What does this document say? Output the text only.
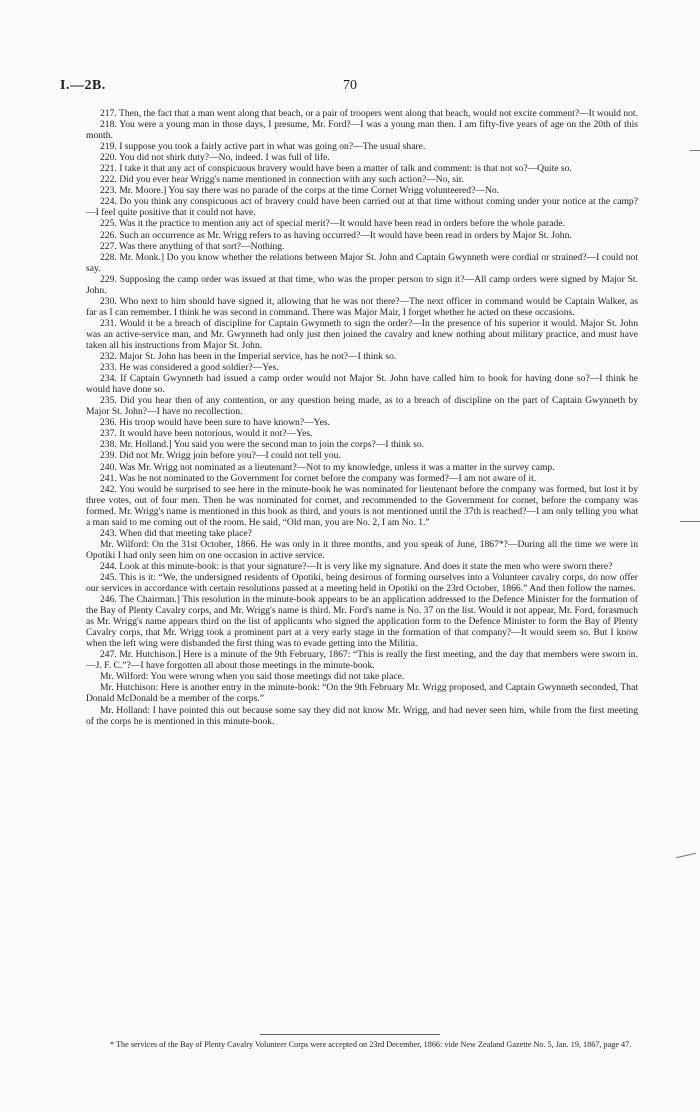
I.—2B.	70

217. Then, the fact that a man went along that beach, or a pair of troopers went along that beach, would not excite comment?—It would not.

218. You were a young man in those days, I presume, Mr. Ford?—I was a young man then. I am fifty-five years of age on the 20th of this month.

219. I suppose you took a fairly active part in what was going on?—The usual share.

220. You did not shirk duty?—No, indeed. I was full of life.

221. I take it that any act of conspicuous bravery would have been a matter of talk and comment: is that not so?—Quite so.

222. Did you ever hear Wrigg's name mentioned in connection with any such action?—No, sir.

223. Mr. Moore.] You say there was no parade of the corps at the time Cornet Wrigg volunteered?—No.

224. Do you think any conspicuous act of bravery could have been carried out at that time without coming under your notice at the camp?—I feel quite positive that it could not have.

225. Was it the practice to mention any act of special merit?—It would have been read in orders before the whole parade.

226. Such an occurrence as Mr. Wrigg refers to as having occurred?—It would have been read in orders by Major St. John.

227. Was there anything of that sort?—Nothing.

228. Mr. Monk.] Do you know whether the relations between Major St. John and Captain Gwynneth were cordial or strained?—I could not say.

229. Supposing the camp order was issued at that time, who was the proper person to sign it?—All camp orders were signed by Major St. John.

230. Who next to him should have signed it, allowing that he was not there?—The next officer in command would be Captain Walker, as far as I can remember. I think he was second in command. There was Major Mair, I forget whether he acted on these occasions.

231. Would it be a breach of discipline for Captain Gwynneth to sign the order?—In the presence of his superior it would. Major St. John was an active-service man, and Mr. Gwynneth had only just then joined the cavalry and knew nothing about military practice, and must have taken all his instructions from Major St. John.

232. Major St. John has been in the Imperial service, has he not?—I think so.

233. He was considered a good soldier?—Yes.

234. If Captain Gwynneth had issued a camp order would not Major St. John have called him to book for having done so?—I think he would have done so.

235. Did you hear then of any contention, or any question being made, as to a breach of discipline on the part of Captain Gwynneth by Major St. John?—I have no recollection.

236. His troop would have been sure to have known?—Yes.

237. It would have been notorious, would it not?—Yes.

238. Mr. Holland.] You said you were the second man to join the corps?—I think so.

239. Did not Mr. Wrigg join before you?—I could not tell you.

240. Was Mr. Wrigg not nominated as a lieutenant?—Not to my knowledge, unless it was a matter in the survey camp.

241. Was he not nominated to the Government for cornet before the company was formed?—I am not aware of it.

242. You would be surprised to see here in the minute-book he was nominated for lieutenant before the company was formed, but lost it by three votes, out of four men. Then he was nominated for cornet, and recommended to the Government for cornet, before the company was formed. Mr. Wrigg's name is mentioned in this book as third, and yours is not mentioned until the 37th is reached?—I am only telling you what a man said to me coming out of the room. He said, “Old man, you are No. 2, I am No. 1.”

243. When did that meeting take place?

Mr. Wilford: On the 31st October, 1866. He was only in it three months, and you speak of June, 1867*?—During all the time we were in Opotiki I had only seen him on one occasion in active service.

244. Look at this minute-book: is that your signature?—It is very like my signature. And does it state the men who were sworn there?

245. This is it: “We, the undersigned residents of Opotiki, being desirous of forming ourselves into a Volunteer cavalry corps, do now offer our services in accordance with certain resolutions passed at a meeting held in Opotiki on the 23rd October, 1866.” And then follow the names.

246. The Chairman.] This resolution in the minute-book appears to be an application addressed to the Defence Minister for the formation of the Bay of Plenty Cavalry corps, and Mr. Wrigg's name is third. Mr. Ford's name is No. 37 on the list. Would it not appear, Mr. Ford, forasmuch as Mr. Wrigg's name appears third on the list of applicants who signed the application form to the Defence Minister to form the Bay of Plenty Cavalry corps, that Mr. Wrigg took a prominent part at a very early stage in the formation of that company?—It would seem so. But I know when the left wing were disbanded the first thing was to evade getting into the Militia.

247. Mr. Hutchison.] Here is a minute of the 9th February, 1867: “This is really the first meeting, and the day that members were sworn in.—J. F. C.”?—I have forgotten all about those meetings in the minute-book.

Mr. Wilford: You were wrong when you said those meetings did not take place.

Mr. Hutchison: Here is another entry in the minute-book: “On the 9th February Mr. Wrigg proposed, and Captain Gwynneth seconded, That Donald McDonald be a member of the corps.”

Mr. Holland: I have pointed this out because some say they did not know Mr. Wrigg, and had never seen him, while from the first meeting of the corps he is mentioned in this minute-book.

* The services of the Bay of Plenty Cavalry Volunteer Corps were accepted on 23rd December, 1866: vide New Zealand Gazette No. 5, Jan. 19, 1867, page 47.
